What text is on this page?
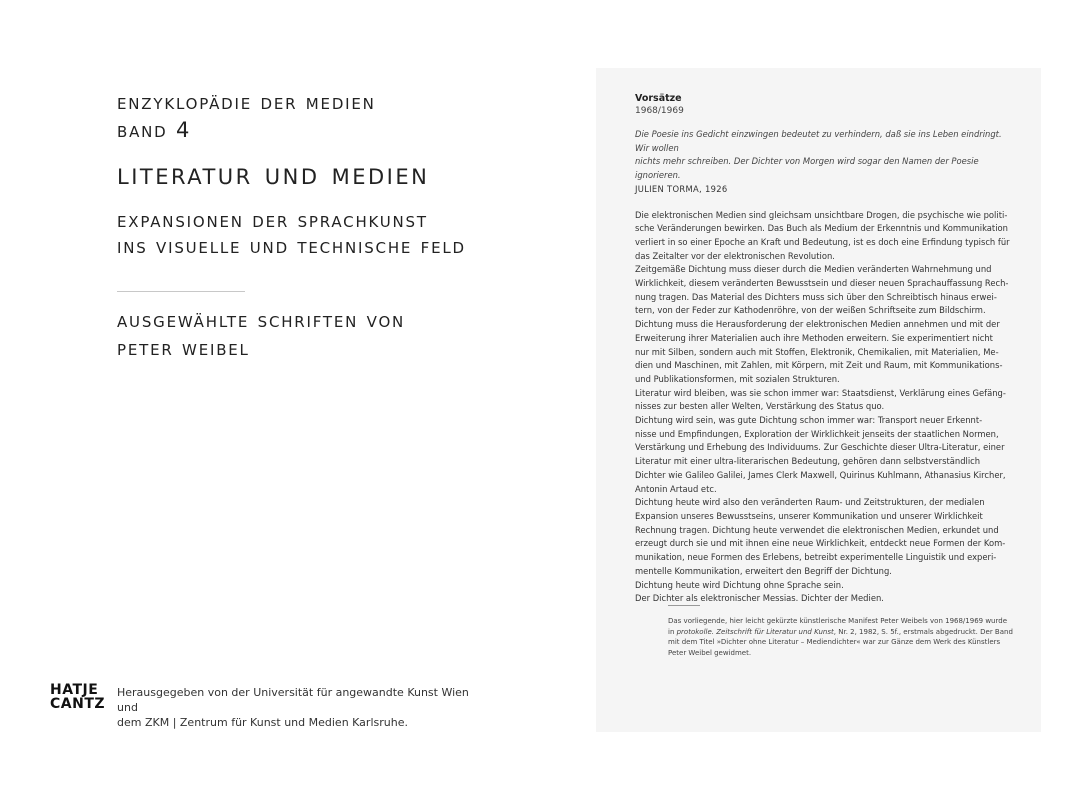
enzyklopädie der medien
band 4
literatur und medien
expansionen der sprachkunst
ins visuelle und technische feld
ausgewählte schriften von
peter weibel
HATJE
CANTZ
Herausgegeben von der Universität für angewandte Kunst Wien und
dem ZKM | Zentrum für Kunst und Medien Karlsruhe.
Vorsätze
1968/1969
Die Poesie ins Gedicht einzwingen bedeutet zu verhindern, daß sie ins Leben eindringt. Wir wollen
nichts mehr schreiben. Der Dichter von Morgen wird sogar den Namen der Poesie ignorieren.
JULIEN TORMA, 1926

Die elektronischen Medien sind gleichsam unsichtbare Drogen, die psychische wie politi-

sche Veränderungen bewirken. Das Buch als Medium der Erkenntnis und Kommunikation

verliert in so einer Epoche an Kraft und Bedeutung, ist es doch eine Erfindung typisch für

das Zeitalter vor der elektronischen Revolution.

Zeitgemäße Dichtung muss dieser durch die Medien veränderten Wahrnehmung und

Wirklichkeit, diesem veränderten Bewusstsein und dieser neuen Sprachauffassung Rech-

nung tragen. Das Material des Dichters muss sich über den Schreibtisch hinaus erwei-

tern, von der Feder zur Kathodenröhre, von der weißen Schriftseite zum Bildschirm.

Dichtung muss die Herausforderung der elektronischen Medien annehmen und mit der

Erweiterung ihrer Materialien auch ihre Methoden erweitern. Sie experimentiert nicht

nur mit Silben, sondern auch mit Stoffen, Elektronik, Chemikalien, mit Materialien, Me-

dien und Maschinen, mit Zahlen, mit Körpern, mit Zeit und Raum, mit Kommunikations-

und Publikationsformen, mit sozialen Strukturen.

Literatur wird bleiben, was sie schon immer war: Staatsdienst, Verklärung eines Gefäng-

nisses zur besten aller Welten, Verstärkung des Status quo.

Dichtung wird sein, was gute Dichtung schon immer war: Transport neuer Erkennt-

nisse und Empfindungen, Exploration der Wirklichkeit jenseits der staatlichen Normen,

Verstärkung und Erhebung des Individuums. Zur Geschichte dieser Ultra-Literatur, einer

Literatur mit einer ultra-literarischen Bedeutung, gehören dann selbstverständlich

Dichter wie Galileo Galilei, James Clerk Maxwell, Quirinus Kuhlmann, Athanasius Kircher,

Antonin Artaud etc.

Dichtung heute wird also den veränderten Raum- und Zeitstrukturen, der medialen

Expansion unseres Bewusstseins, unserer Kommunikation und unserer Wirklichkeit

Rechnung tragen. Dichtung heute verwendet die elektronischen Medien, erkundet und

erzeugt durch sie und mit ihnen eine neue Wirklichkeit, entdeckt neue Formen der Kom-

munikation, neue Formen des Erlebens, betreibt experimentelle Linguistik und experi-

mentelle Kommunikation, erweitert den Begriff der Dichtung.

Dichtung heute wird Dichtung ohne Sprache sein.

Der Dichter als elektronischer Messias. Dichter der Medien.

Das vorliegende, hier leicht gekürzte künstlerische Manifest Peter Weibels von 1968/1969 wurde
in protokolle. Zeitschrift für Literatur und Kunst, Nr. 2, 1982, S. 5f., erstmals abgedruckt. Der Band
mit dem Titel »Dichter ohne Literatur – Mediendichter« war zur Gänze dem Werk des Künstlers
Peter Weibel gewidmet.
